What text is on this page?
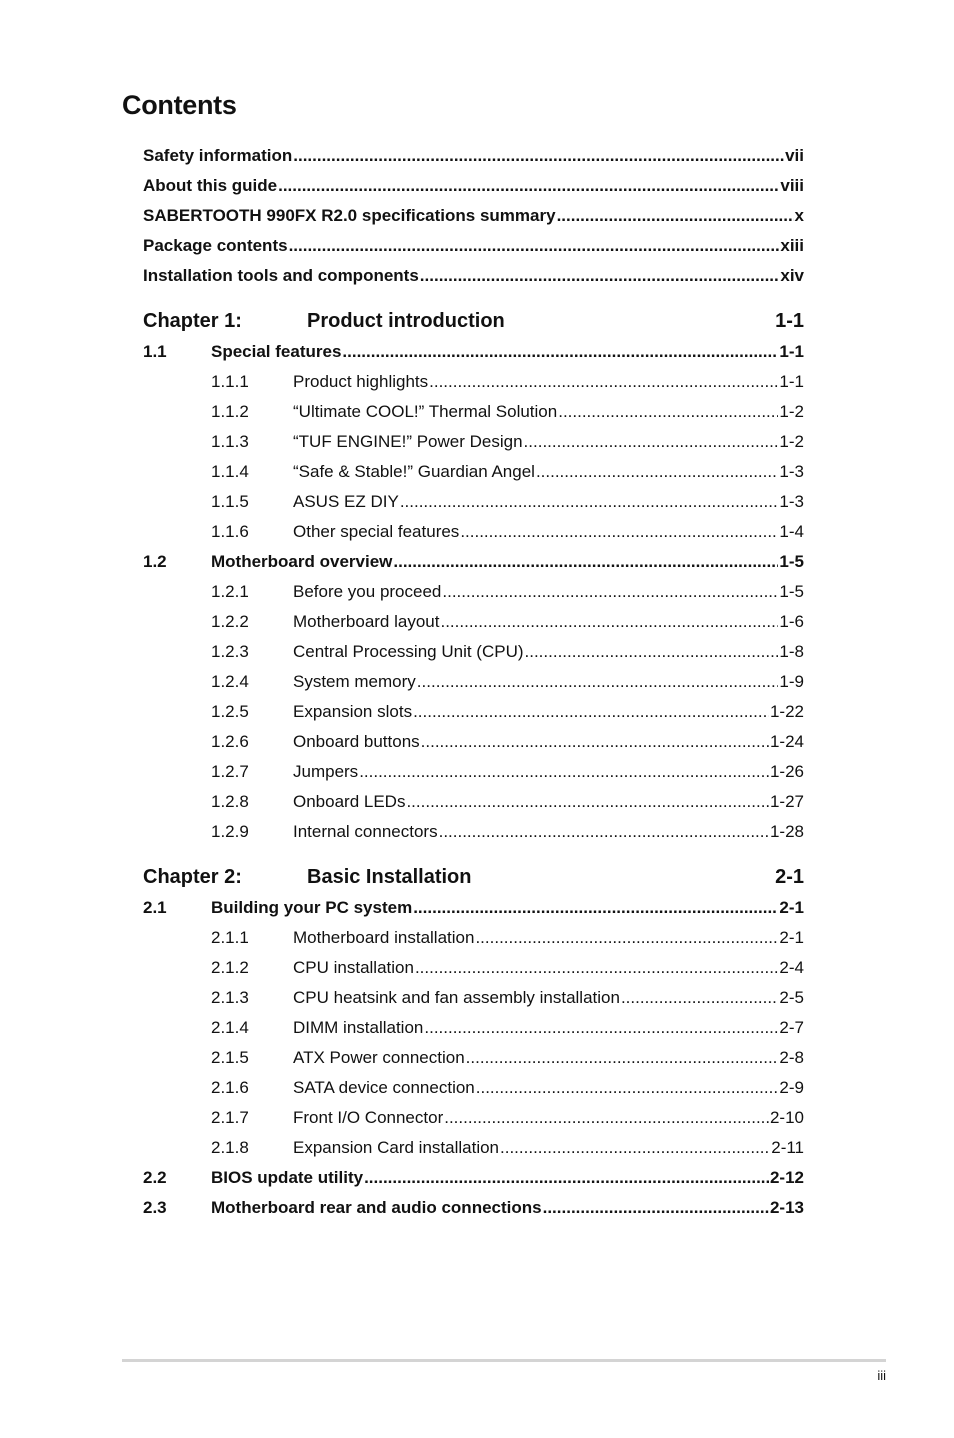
Contents
Safety information .....	vii
About this guide .....	viii
SABERTOOTH 990FX R2.0 specifications summary .....	x
Package contents .....	xiii
Installation tools and components .....	xiv
Chapter 1:	Product introduction	1-1
1.1	Special features .....	1-1
1.1.1	Product highlights .....	1-1
1.1.2	“Ultimate COOL!” Thermal Solution .....	1-2
1.1.3	“TUF ENGINE!” Power Design .....	1-2
1.1.4	“Safe & Stable!” Guardian Angel .....	1-3
1.1.5	ASUS EZ DIY .....	1-3
1.1.6	Other special features .....	1-4
1.2	Motherboard overview .....	1-5
1.2.1	Before you proceed .....	1-5
1.2.2	Motherboard layout .....	1-6
1.2.3	Central Processing Unit (CPU) .....	1-8
1.2.4	System memory .....	1-9
1.2.5	Expansion slots .....	1-22
1.2.6	Onboard buttons .....	1-24
1.2.7	Jumpers .....	1-26
1.2.8	Onboard LEDs .....	1-27
1.2.9	Internal connectors .....	1-28
Chapter 2:	Basic Installation	2-1
2.1	Building your PC system .....	2-1
2.1.1	Motherboard installation .....	2-1
2.1.2	CPU installation .....	2-4
2.1.3	CPU heatsink and fan assembly installation .....	2-5
2.1.4	DIMM installation .....	2-7
2.1.5	ATX Power connection .....	2-8
2.1.6	SATA device connection .....	2-9
2.1.7	Front I/O Connector .....	2-10
2.1.8	Expansion Card installation .....	2-11
2.2	BIOS update utility .....	2-12
2.3	Motherboard rear and audio connections .....	2-13
iii
